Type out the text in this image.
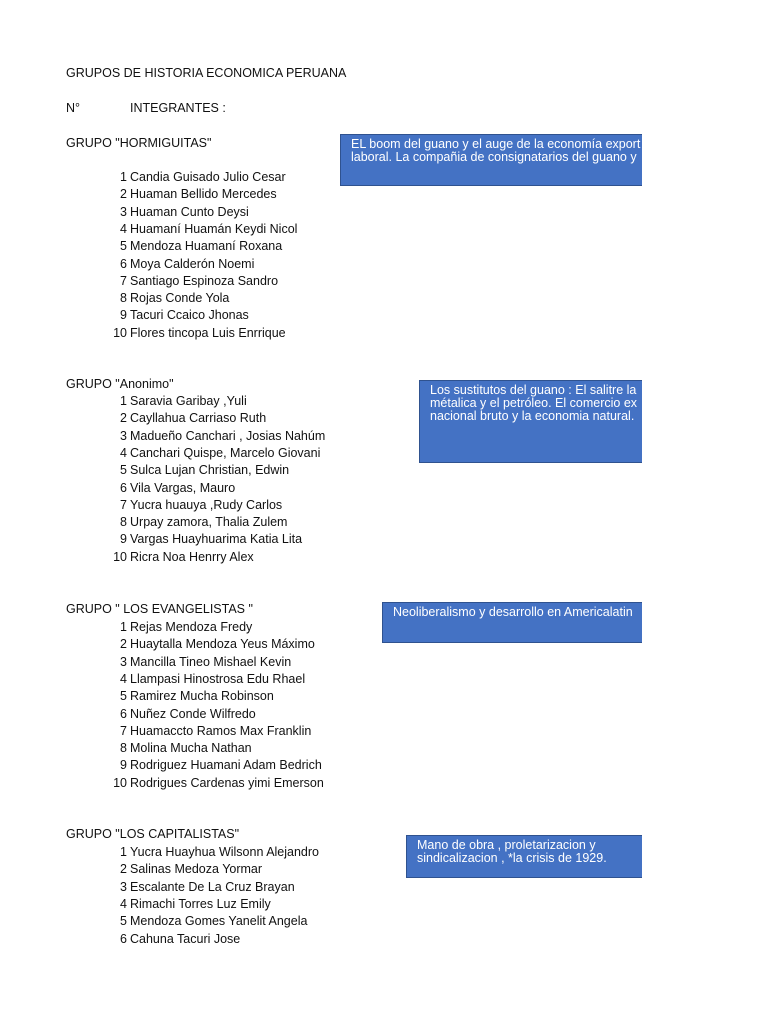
GRUPOS DE HISTORIA ECONOMICA PERUANA
N°	INTEGRANTES :
GRUPO "HORMIGUITAS"
1 Candia Guisado Julio Cesar
2 Huaman Bellido Mercedes
3 Huaman Cunto Deysi
4 Huamaní Huamán Keydi Nicol
5 Mendoza Huamaní Roxana
6 Moya Calderón Noemi
7 Santiago Espinoza Sandro
8 Rojas Conde Yola
9 Tacuri Ccaico Jhonas
10 Flores tincopa Luis Enrrique
EL boom del guano y el auge de la economía export
laboral. La compañia de consignatarios del guano y
GRUPO "Anonimo"
1 Saravia Garibay ,Yuli
2 Cayllahua Carriaso Ruth
3 Madueño Canchari , Josias Nahúm
4 Canchari Quispe, Marcelo Giovani
5 Sulca Lujan Christian, Edwin
6 Vila Vargas, Mauro
7 Yucra huauya ,Rudy Carlos
8 Urpay zamora, Thalia Zulem
9 Vargas Huayhuarima Katia Lita
10 Ricra Noa Henrry Alex
Los sustitutos del guano : El salitre la
métalica y el petróleo. El comercio ex
nacional bruto y la economia natural.
GRUPO " LOS EVANGELISTAS "
1 Rejas Mendoza Fredy
2 Huaytalla Mendoza Yeus Máximo
3 Mancilla Tineo Mishael Kevin
4 Llampasi Hinostrosa Edu Rhael
5 Ramirez Mucha Robinson
6 Nuñez Conde Wilfredo
7 Huamaccto Ramos Max Franklin
8 Molina Mucha Nathan
9 Rodriguez Huamani Adam Bedrich
10 Rodrigues Cardenas yimi Emerson
Neoliberalismo y desarrollo en Americalatin
GRUPO "LOS CAPITALISTAS"
1 Yucra Huayhua Wilsonn Alejandro
2 Salinas Medoza Yormar
3 Escalante De La Cruz Brayan
4 Rimachi Torres Luz Emily
5 Mendoza Gomes Yanelit Angela
6 Cahuna Tacuri Jose
Mano de obra , proletarizacion y
sindicalizacion , *la crisis de 1929.
